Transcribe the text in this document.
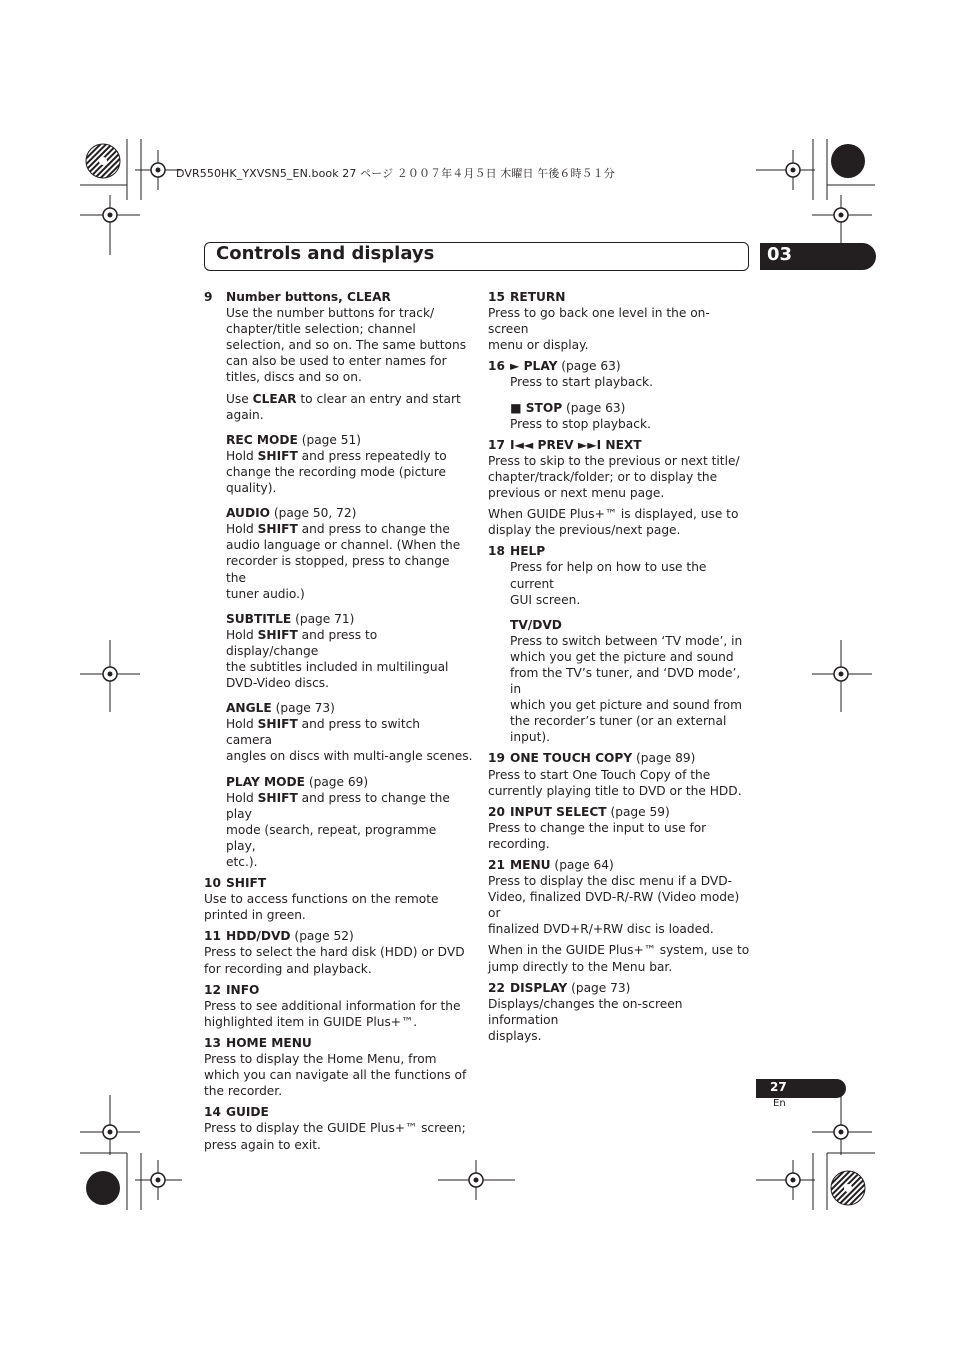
DVR550HK_YXVSN5_EN.book 27 ページ ２００７年４月５日 木曜日 午後６時５１分
Controls and displays	03

9 Number buttons, CLEAR

Use the number buttons for track/

chapter/title selection; channel

selection, and so on. The same buttons

can also be used to enter names for

titles, discs and so on.

Use CLEAR to clear an entry and start

again.

REC MODE (page 51)

Hold SHIFT and press repeatedly to

change the recording mode (picture

quality).

AUDIO (page 50, 72)

Hold SHIFT and press to change the

audio language or channel. (When the

recorder is stopped, press to change the

tuner audio.)

SUBTITLE (page 71)

Hold SHIFT and press to display/change

the subtitles included in multilingual

DVD-Video discs.

ANGLE (page 73)

Hold SHIFT and press to switch camera

angles on discs with multi-angle scenes.

PLAY MODE (page 69)

Hold SHIFT and press to change the play

mode (search, repeat, programme play,

etc.).

10 SHIFT

Use to access functions on the remote

printed in green.

11 HDD/DVD (page 52)

Press to select the hard disk (HDD) or DVD

for recording and playback.

12 INFO

Press to see additional information for the

highlighted item in GUIDE Plus+™.

13 HOME MENU

Press to display the Home Menu, from

which you can navigate all the functions of

the recorder.

14 GUIDE

Press to display the GUIDE Plus+™ screen;

press again to exit.

15 RETURN

Press to go back one level in the on-screen

menu or display.

16 ► PLAY (page 63)

Press to start playback.

■ STOP (page 63)

Press to stop playback.

17 I◄◄ PREV ►►I NEXT

Press to skip to the previous or next title/

chapter/track/folder; or to display the

previous or next menu page.

When GUIDE Plus+™ is displayed, use to

display the previous/next page.

18 HELP

Press for help on how to use the current

GUI screen.

TV/DVD

Press to switch between ‘TV mode’, in

which you get the picture and sound

from the TV’s tuner, and ‘DVD mode’, in

which you get picture and sound from

the recorder’s tuner (or an external

input).

19 ONE TOUCH COPY (page 89)

Press to start One Touch Copy of the

currently playing title to DVD or the HDD.

20 INPUT SELECT (page 59)

Press to change the input to use for

recording.

21 MENU (page 64)

Press to display the disc menu if a DVD-

Video, finalized DVD-R/-RW (Video mode) or

finalized DVD+R/+RW disc is loaded.

When in the GUIDE Plus+™ system, use to

jump directly to the Menu bar.

22 DISPLAY (page 73)

Displays/changes the on-screen information

displays.

27
En
